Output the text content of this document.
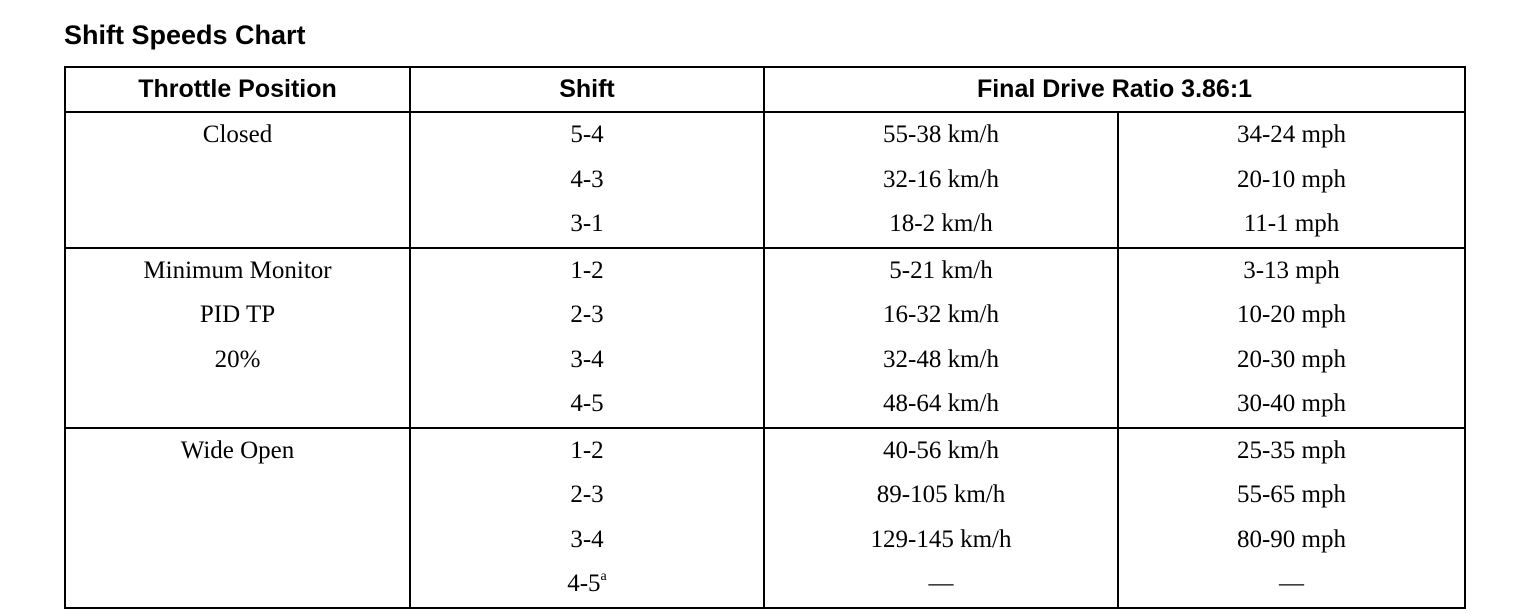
Shift Speeds Chart
Throttle Position	Shift	Final Drive Ratio 3.86:1	
Closed	5-4	55-38 km/h	34-24 mph
	4-3	32-16 km/h	20-10 mph
	3-1	18-2 km/h	11-1 mph
Minimum Monitor	1-2	5-21 km/h	3-13 mph
PID TP	2-3	16-32 km/h	10-20 mph
20%	3-4	32-48 km/h	20-30 mph
	4-5	48-64 km/h	30-40 mph
Wide Open	1-2	40-56 km/h	25-35 mph
	2-3	89-105 km/h	55-65 mph
	3-4	129-145 km/h	80-90 mph
	4-5$^a$	—	—
